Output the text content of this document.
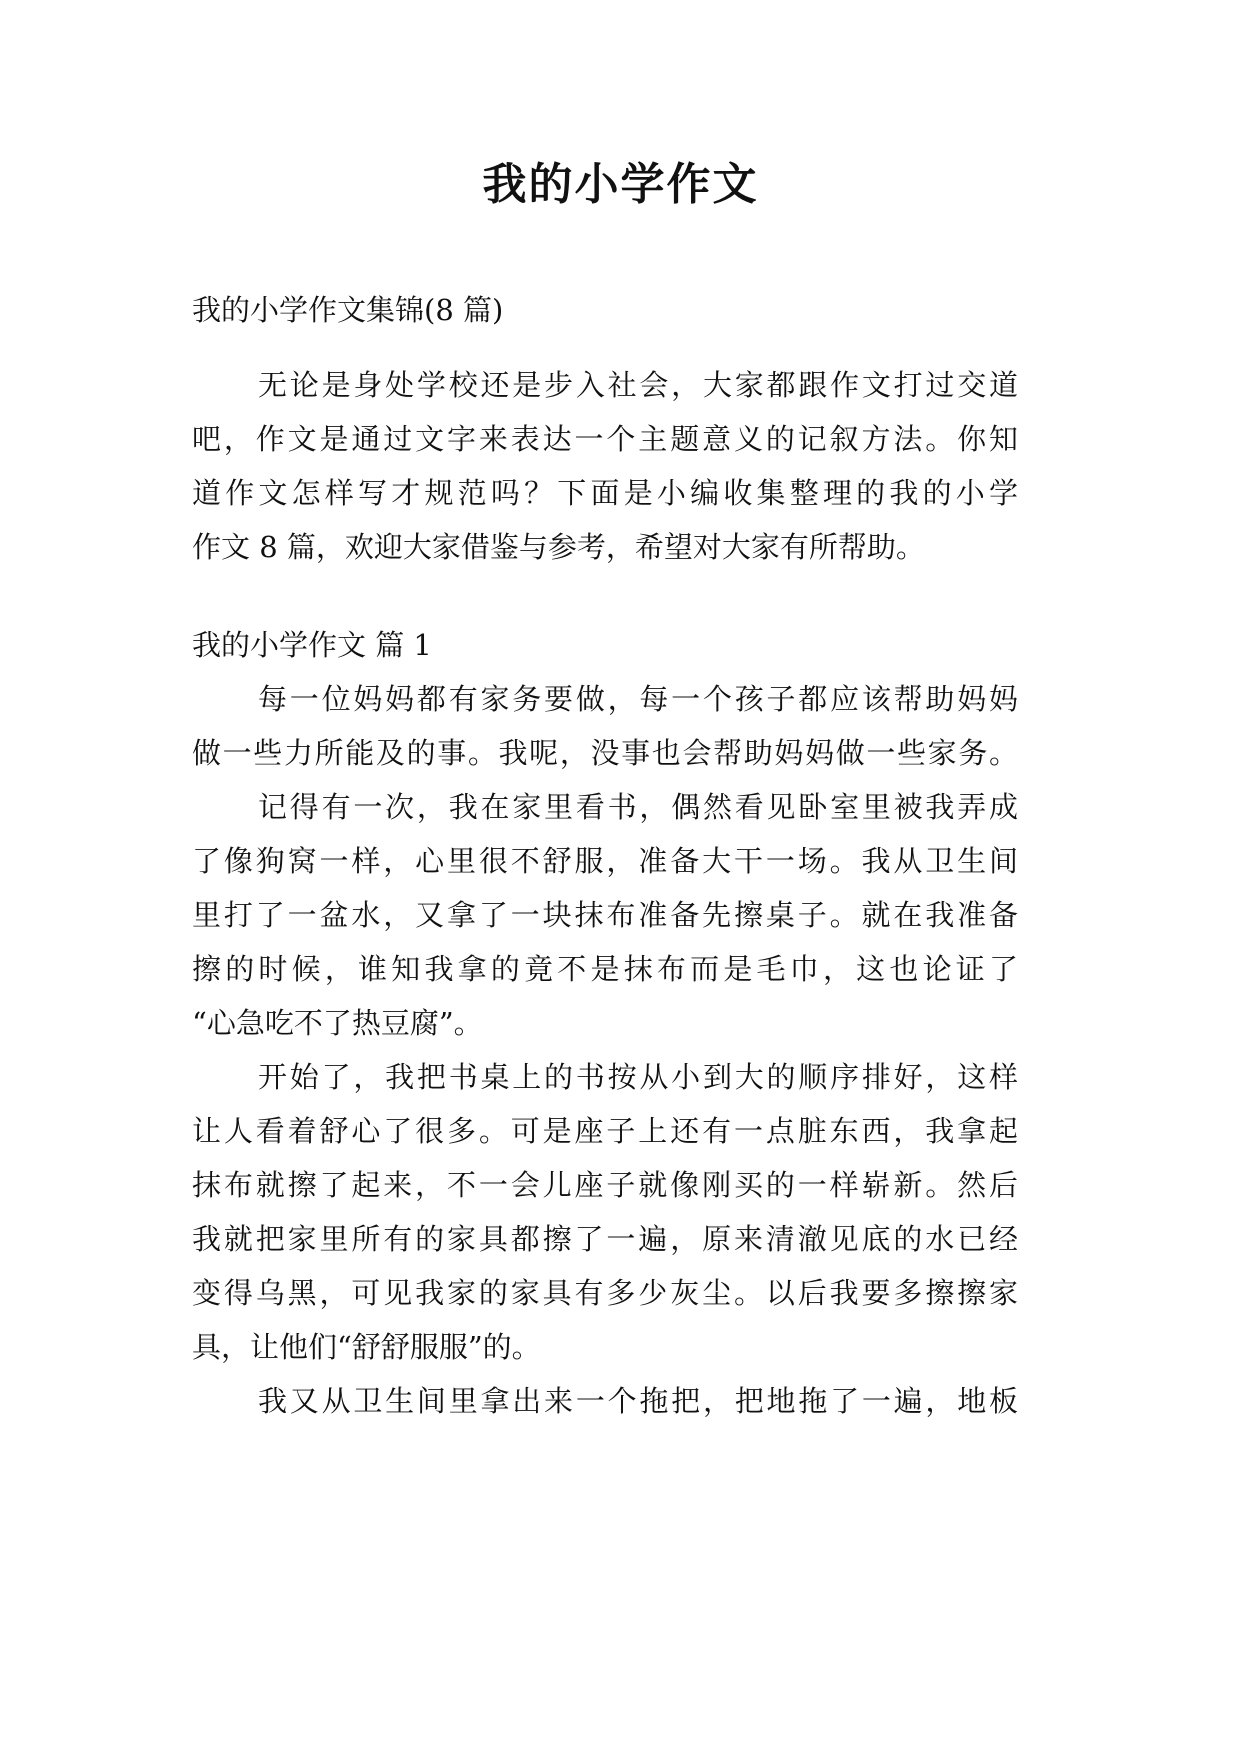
我的小学作文
我的小学作文集锦(8 篇)
无论是身处学校还是步入社会，大家都跟作文打过交道
吧，作文是通过文字来表达一个主题意义的记叙方法。你知
道作文怎样写才规范吗？下面是小编收集整理的我的小学
作文 8 篇，欢迎大家借鉴与参考，希望对大家有所帮助。
我的小学作文 篇 1
每一位妈妈都有家务要做，每一个孩子都应该帮助妈妈
做一些力所能及的事。我呢，没事也会帮助妈妈做一些家务。
记得有一次，我在家里看书，偶然看见卧室里被我弄成
了像狗窝一样，心里很不舒服，准备大干一场。我从卫生间
里打了一盆水，又拿了一块抹布准备先擦桌子。就在我准备
擦的时候，谁知我拿的竟不是抹布而是毛巾，这也论证了
“心急吃不了热豆腐”。
开始了，我把书桌上的书按从小到大的顺序排好，这样
让人看着舒心了很多。可是座子上还有一点脏东西，我拿起
抹布就擦了起来，不一会儿座子就像刚买的一样崭新。然后
我就把家里所有的家具都擦了一遍，原来清澈见底的水已经
变得乌黑，可见我家的家具有多少灰尘。以后我要多擦擦家
具，让他们“舒舒服服”的。
我又从卫生间里拿出来一个拖把，把地拖了一遍，地板
